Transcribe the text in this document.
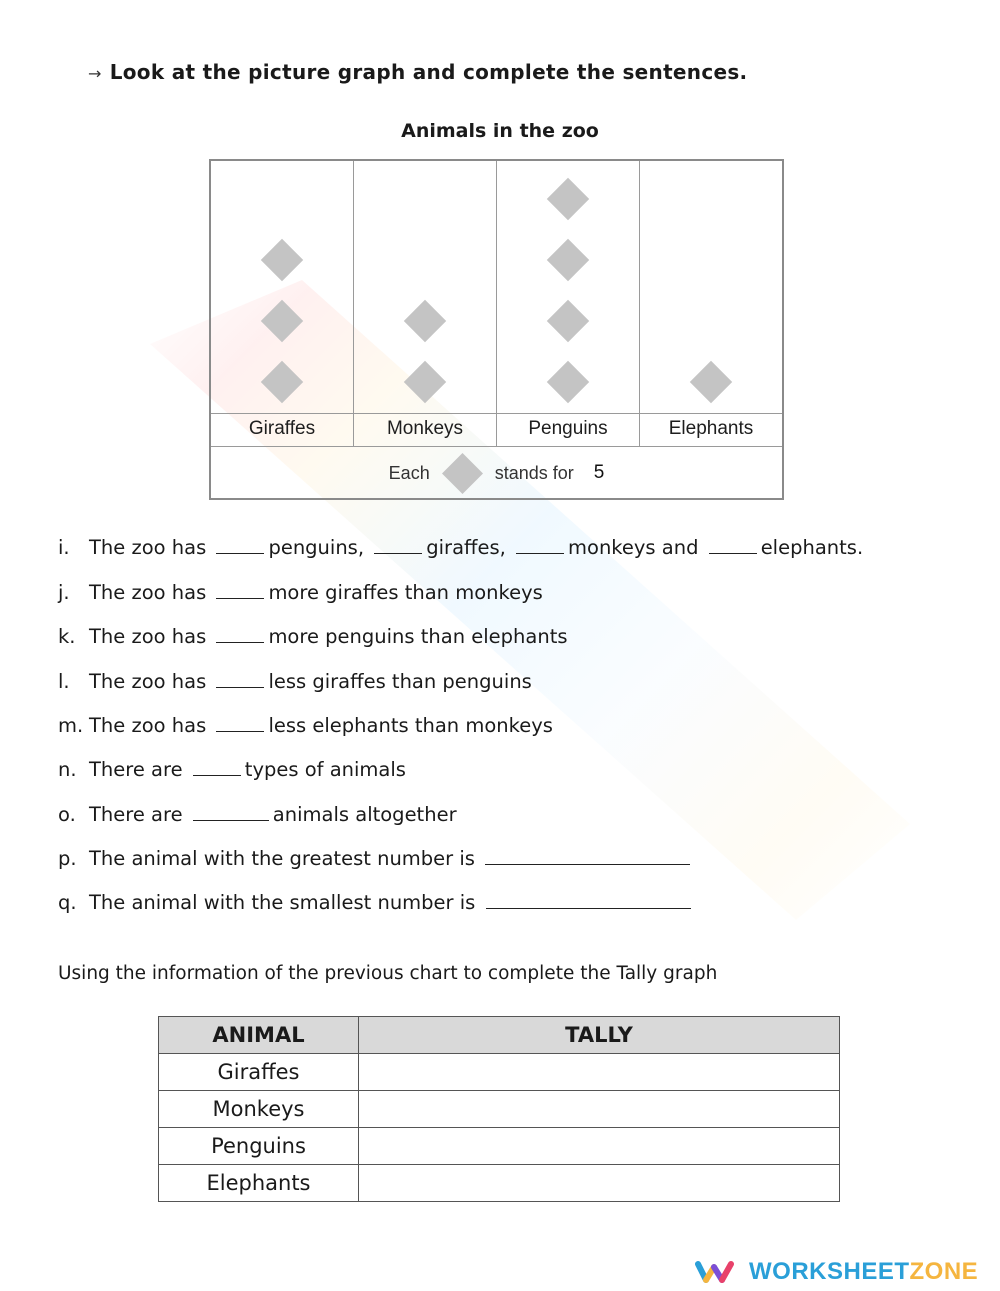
→ Look at the picture graph and complete the sentences.
Animals in the zoo
Giraffes	Monkeys	Penguins	Elephants
Each	stands for 5
i. The zoo has	penguins,	giraffes,	monkeys and	elephants.
j. The zoo has	more giraffes than monkeys
k. The zoo has	more penguins than elephants
l. The zoo has	less giraffes than penguins
m. The zoo has	less elephants than monkeys
n. There are	types of animals
o. There are	animals altogether
p. The animal with the greatest number is
q. The animal with the smallest number is
Using the information of the previous chart to complete the Tally graph
ANIMAL	TALLY
Giraffes	
Monkeys	
Penguins	
Elephants	
WORKSHEET ZONE
